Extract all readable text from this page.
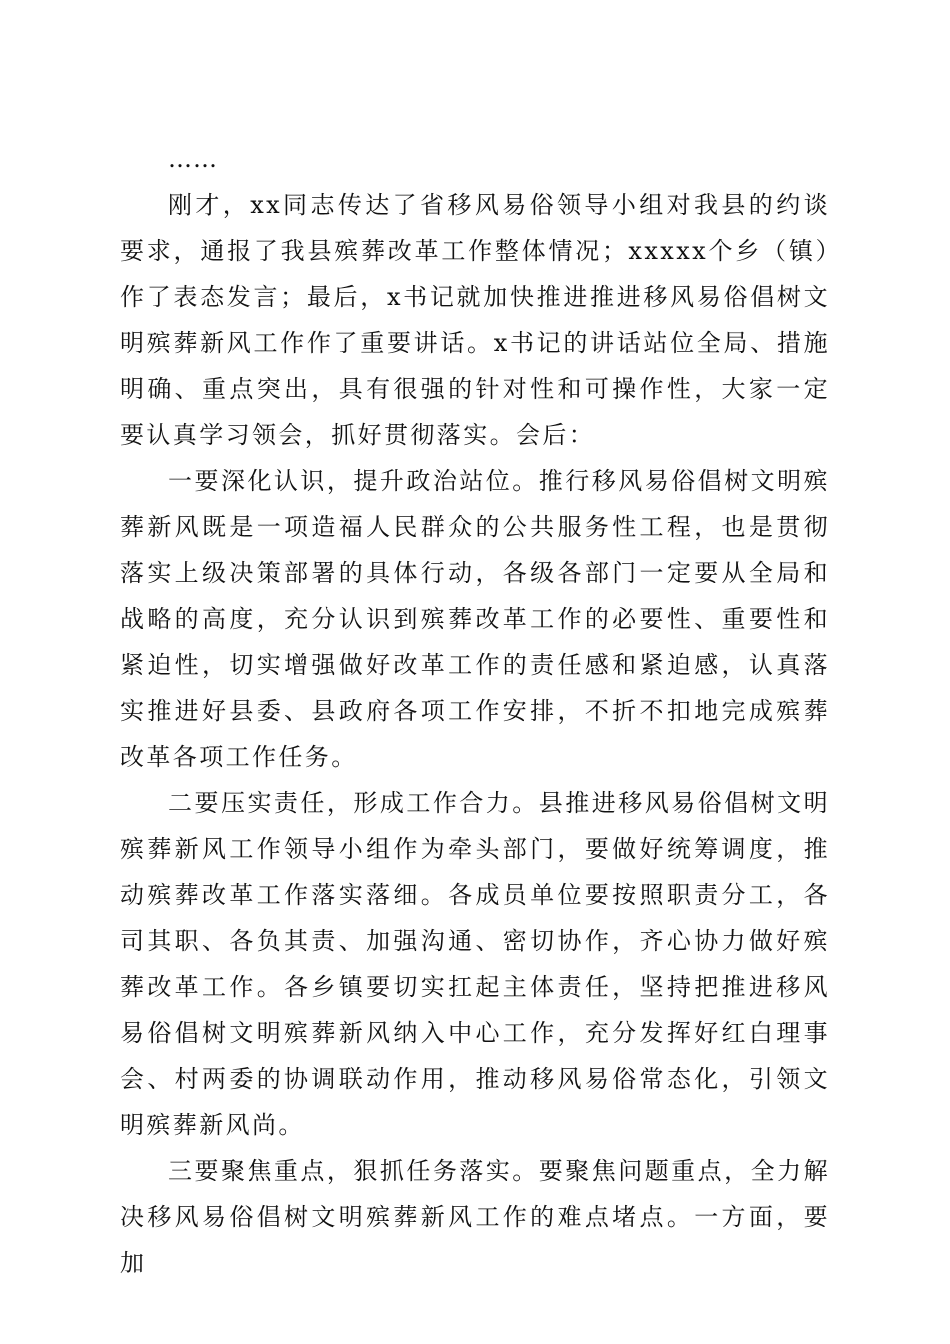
……

刚才，xx同志传达了省移风易俗领导小组对我县的约谈要求，通报了我县殡葬改革工作整体情况；xxxxx个乡（镇）作了表态发言；最后，x书记就加快推进推进移风易俗倡树文明殡葬新风工作作了重要讲话。x书记的讲话站位全局、措施明确、重点突出，具有很强的针对性和可操作性，大家一定要认真学习领会，抓好贯彻落实。会后：

一要深化认识，提升政治站位。推行移风易俗倡树文明殡葬新风既是一项造福人民群众的公共服务性工程，也是贯彻落实上级决策部署的具体行动，各级各部门一定要从全局和战略的高度，充分认识到殡葬改革工作的必要性、重要性和紧迫性，切实增强做好改革工作的责任感和紧迫感，认真落实推进好县委、县政府各项工作安排，不折不扣地完成殡葬改革各项工作任务。

二要压实责任，形成工作合力。县推进移风易俗倡树文明殡葬新风工作领导小组作为牵头部门，要做好统筹调度，推动殡葬改革工作落实落细。各成员单位要按照职责分工，各司其职、各负其责、加强沟通、密切协作，齐心协力做好殡葬改革工作。各乡镇要切实扛起主体责任，坚持把推进移风易俗倡树文明殡葬新风纳入中心工作，充分发挥好红白理事会、村两委的协调联动作用，推动移风易俗常态化，引领文明殡葬新风尚。

三要聚焦重点，狠抓任务落实。要聚焦问题重点，全力解决移风易俗倡树文明殡葬新风工作的难点堵点。一方面，要加
